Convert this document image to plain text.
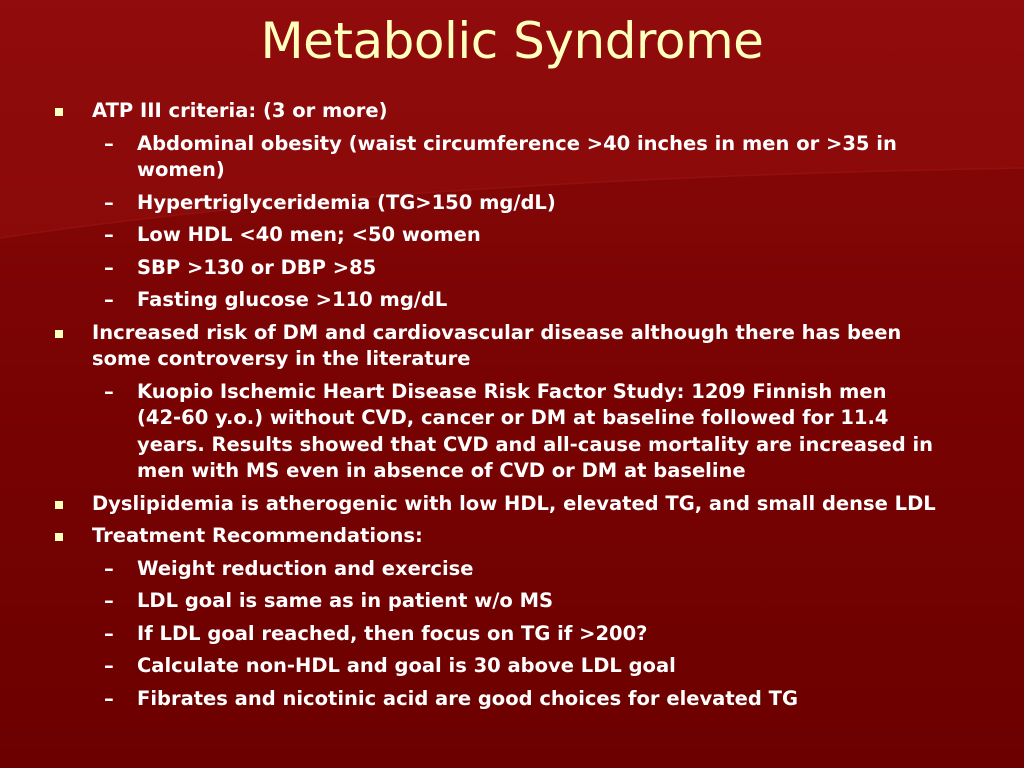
Metabolic Syndrome
ATP III criteria: (3 or more)
– Abdominal obesity (waist circumference >40 inches in men or >35 in women)
– Hypertriglyceridemia (TG>150 mg/dL)
– Low HDL <40 men; <50 women
– SBP >130 or DBP >85
– Fasting glucose >110 mg/dL
Increased risk of DM and cardiovascular disease although there has been some controversy in the literature
– Kuopio Ischemic Heart Disease Risk Factor Study: 1209 Finnish men (42-60 y.o.) without CVD, cancer or DM at baseline followed for 11.4 years. Results showed that CVD and all-cause mortality are increased in men with MS even in absence of CVD or DM at baseline
Dyslipidemia is atherogenic with low HDL, elevated TG, and small dense LDL
Treatment Recommendations:
– Weight reduction and exercise
– LDL goal is same as in patient w/o MS
– If LDL goal reached, then focus on TG if >200?
– Calculate non-HDL and goal is 30 above LDL goal
– Fibrates and nicotinic acid are good choices for elevated TG
